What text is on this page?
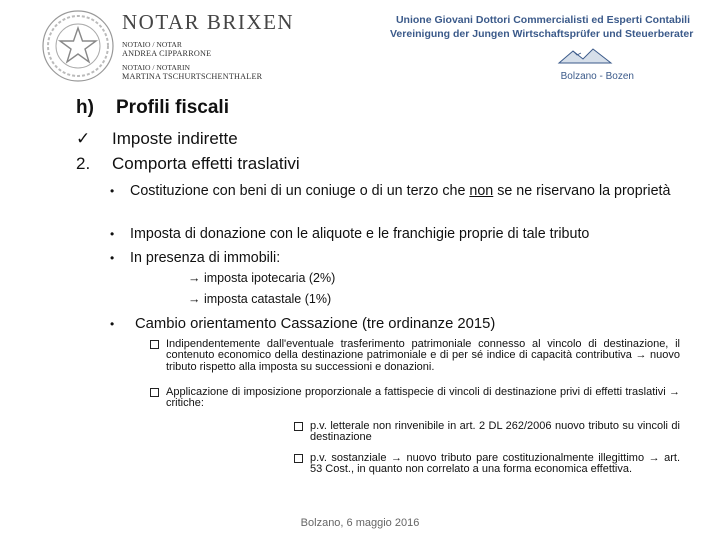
NOTAR BRIXEN
NOTAIO / NOTAR
ANDREA CIPPARRONE
NOTAIO / NOTARIN
MARTINA TSCHURTSCHENTHALER
Unione Giovani Dottori Commercialisti ed Esperti Contabili
Vereinigung der Jungen Wirtschaftsprüfer und Steuerberater
Bolzano - Bozen
h) Profili fiscali
✓ Imposte indirette
2. Comporta effetti traslativi
• Costituzione con beni di un coniuge o di un terzo che non se ne riservano la proprietà
• Imposta di donazione con le aliquote e le franchigie proprie di tale tributo
• In presenza di immobili:
→ imposta ipotecaria (2%)
→ imposta catastale (1%)
• Cambio orientamento Cassazione (tre ordinanze 2015)
Indipendentemente dall'eventuale trasferimento patrimoniale connesso al vincolo di destinazione, il contenuto economico della destinazione patrimoniale e di per sé indice di capacità contributiva → nuovo tributo rispetto alla imposta su successioni e donazioni.
Applicazione di imposizione proporzionale a fattispecie di vincoli di destinazione privi di effetti traslativi → critiche:
p.v. letterale non rinvenibile in art. 2 DL 262/2006 nuovo tributo su vincoli di destinazione
p.v. sostanziale → nuovo tributo pare costituzionalmente illegittimo → art. 53 Cost., in quanto non correlato a una forma economica effettiva.
Bolzano, 6 maggio 2016
